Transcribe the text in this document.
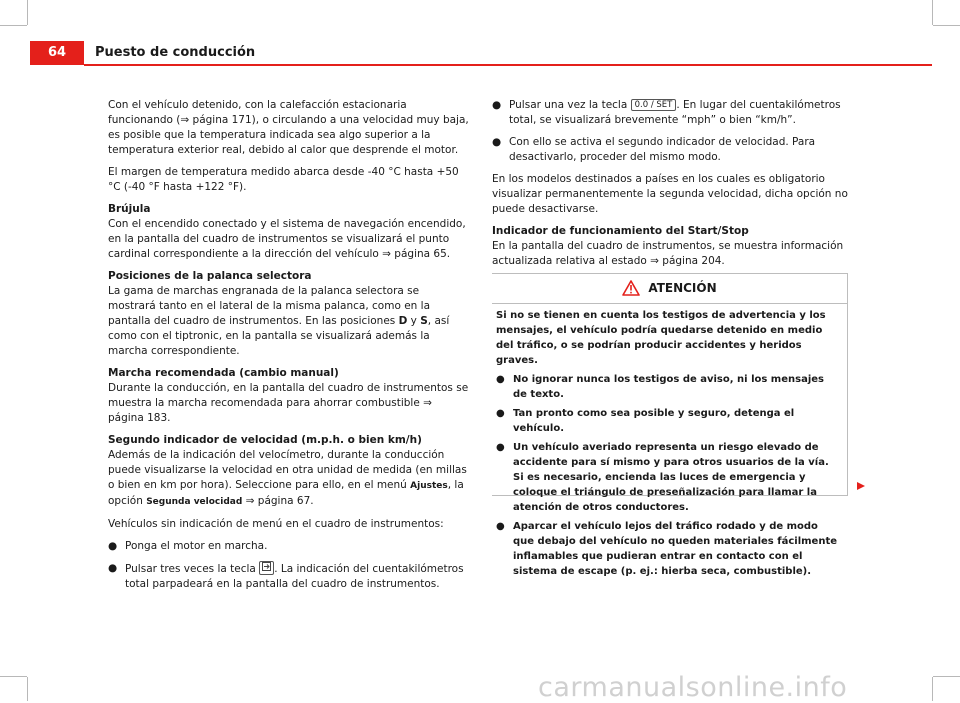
64	Puesto de conducción

Con el vehículo detenido, con la calefacción estacionaria funcionando (⇒ página 171), o circulando a una velocidad muy baja, es posible que la temperatura indicada sea algo superior a la temperatura exterior real, debido al calor que desprende el motor.

El margen de temperatura medido abarca desde -40 °C hasta +50 °C (-40 °F hasta +122 °F).

Brújula

Con el encendido conectado y el sistema de navegación encendido, en la pantalla del cuadro de instrumentos se visualizará el punto cardinal correspondiente a la dirección del vehículo ⇒ página 65.

Posiciones de la palanca selectora

La gama de marchas engranada de la palanca selectora se mostrará tanto en el lateral de la misma palanca, como en la pantalla del cuadro de instrumentos. En las posiciones D y S, así como con el tiptronic, en la pantalla se visualizará además la marcha correspondiente.

Marcha recomendada (cambio manual)

Durante la conducción, en la pantalla del cuadro de instrumentos se muestra la marcha recomendada para ahorrar combustible ⇒ página 183.

Segundo indicador de velocidad (m.p.h. o bien km/h)

Además de la indicación del velocímetro, durante la conducción puede visualizarse la velocidad en otra unidad de medida (en millas o bien en km por hora). Seleccione para ello, en el menú Ajustes, la opción Segunda velocidad ⇒ página 67.

Vehículos sin indicación de menú en el cuadro de instrumentos:

● Ponga el motor en marcha.
● Pulsar tres veces la tecla . La indicación del cuentakilómetros total parpadeará en la pantalla del cuadro de instrumentos.
● Pulsar una vez la tecla 0.0 / SET . En lugar del cuentakilómetros total, se visualizará brevemente “mph” o bien “km/h”.
● Con ello se activa el segundo indicador de velocidad. Para desactivarlo, proceder del mismo modo.

En los modelos destinados a países en los cuales es obligatorio visualizar permanentemente la segunda velocidad, dicha opción no puede desactivarse.

Indicador de funcionamiento del Start/Stop

En la pantalla del cuadro de instrumentos, se muestra información actualizada relativa al estado ⇒ página 204.

ATENCIÓN

Si no se tienen en cuenta los testigos de advertencia y los mensajes, el vehículo podría quedarse detenido en medio del tráfico, o se podrían producir accidentes y heridos graves.

● No ignorar nunca los testigos de aviso, ni los mensajes de texto.
● Tan pronto como sea posible y seguro, detenga el vehículo.
● Un vehículo averiado representa un riesgo elevado de accidente para sí mismo y para otros usuarios de la vía. Si es necesario, encienda las luces de emergencia y coloque el triángulo de preseñalización para llamar la atención de otros conductores.
● Aparcar el vehículo lejos del tráfico rodado y de modo que debajo del vehículo no queden materiales fácilmente inflamables que pudieran entrar en contacto con el sistema de escape (p. ej.: hierba seca, combustible).
carmanualsonline.info
